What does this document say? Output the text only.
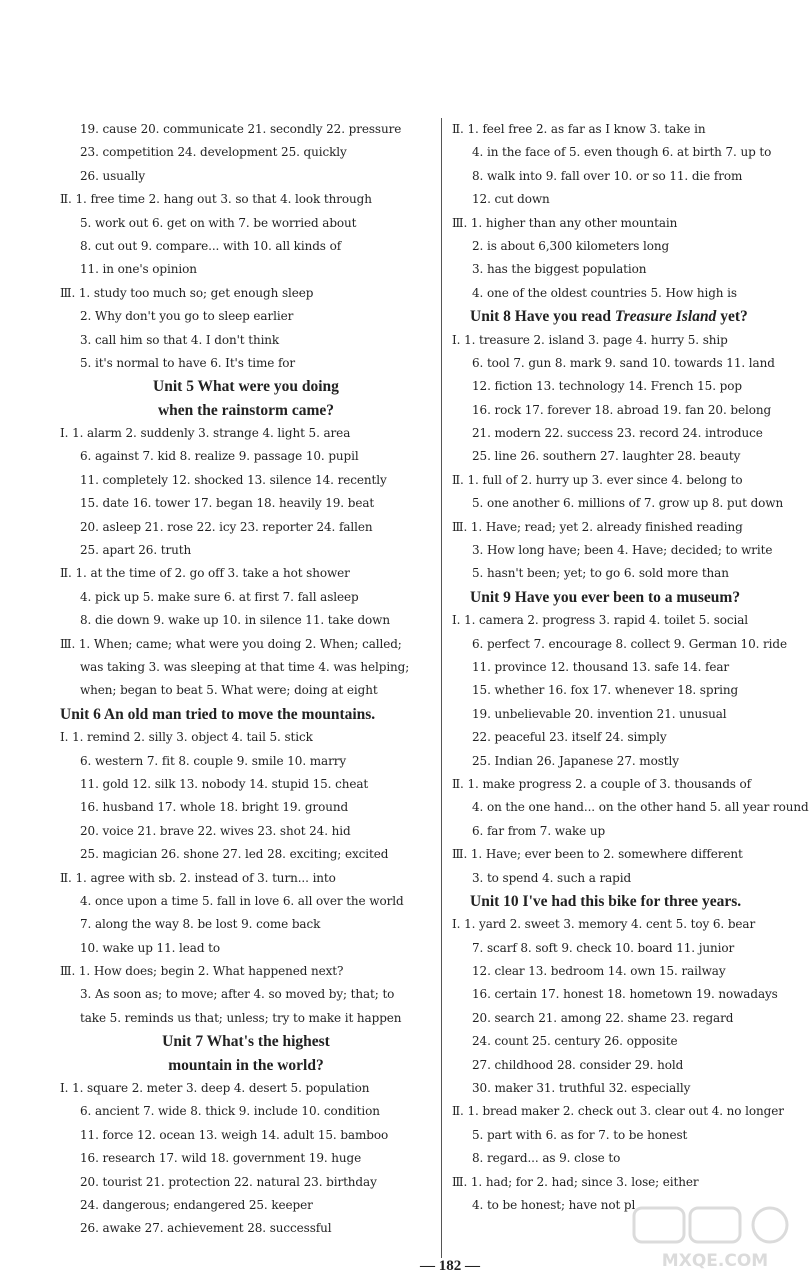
19. cause 20. communicate 21. secondly 22. pressure
23. competition 24. development 25. quickly
26. usually
Ⅱ. 1. free time 2. hang out 3. so that 4. look through
5. work out 6. get on with 7. be worried about
8. cut out 9. compare... with 10. all kinds of
11. in one's opinion
Ⅲ. 1. study too much so; get enough sleep
2. Why don't you go to sleep earlier
3. call him so that 4. I don't think
5. it's normal to have 6. It's time for
Unit 5 What were you doing
when the rainstorm came?
Ⅰ. 1. alarm 2. suddenly 3. strange 4. light 5. area
6. against 7. kid 8. realize 9. passage 10. pupil
11. completely 12. shocked 13. silence 14. recently
15. date 16. tower 17. began 18. heavily 19. beat
20. asleep 21. rose 22. icy 23. reporter 24. fallen
25. apart 26. truth
Ⅱ. 1. at the time of 2. go off 3. take a hot shower
4. pick up 5. make sure 6. at first 7. fall asleep
8. die down 9. wake up 10. in silence 11. take down
Ⅲ. 1. When; came; what were you doing 2. When; called;
was taking 3. was sleeping at that time 4. was helping;
when; began to beat 5. What were; doing at eight
Unit 6 An old man tried to move the mountains.
Ⅰ. 1. remind 2. silly 3. object 4. tail 5. stick
6. western 7. fit 8. couple 9. smile 10. marry
11. gold 12. silk 13. nobody 14. stupid 15. cheat
16. husband 17. whole 18. bright 19. ground
20. voice 21. brave 22. wives 23. shot 24. hid
25. magician 26. shone 27. led 28. exciting; excited
Ⅱ. 1. agree with sb. 2. instead of 3. turn... into
4. once upon a time 5. fall in love 6. all over the world
7. along the way 8. be lost 9. come back
10. wake up 11. lead to
Ⅲ. 1. How does; begin 2. What happened next?
3. As soon as; to move; after 4. so moved by; that; to
take 5. reminds us that; unless; try to make it happen
Unit 7 What's the highest
mountain in the world?
Ⅰ. 1. square 2. meter 3. deep 4. desert 5. population
6. ancient 7. wide 8. thick 9. include 10. condition
11. force 12. ocean 13. weigh 14. adult 15. bamboo
16. research 17. wild 18. government 19. huge
20. tourist 21. protection 22. natural 23. birthday
24. dangerous; endangered 25. keeper
26. awake 27. achievement 28. successful
Ⅱ. 1. feel free 2. as far as I know 3. take in
4. in the face of 5. even though 6. at birth 7. up to
8. walk into 9. fall over 10. or so 11. die from
12. cut down
Ⅲ. 1. higher than any other mountain
2. is about 6,300 kilometers long
3. has the biggest population
4. one of the oldest countries 5. How high is
Unit 8 Have you read Treasure Island yet?
Ⅰ. 1. treasure 2. island 3. page 4. hurry 5. ship
6. tool 7. gun 8. mark 9. sand 10. towards 11. land
12. fiction 13. technology 14. French 15. pop
16. rock 17. forever 18. abroad 19. fan 20. belong
21. modern 22. success 23. record 24. introduce
25. line 26. southern 27. laughter 28. beauty
Ⅱ. 1. full of 2. hurry up 3. ever since 4. belong to
5. one another 6. millions of 7. grow up 8. put down
Ⅲ. 1. Have; read; yet 2. already finished reading
3. How long have; been 4. Have; decided; to write
5. hasn't been; yet; to go 6. sold more than
Unit 9 Have you ever been to a museum?
Ⅰ. 1. camera 2. progress 3. rapid 4. toilet 5. social
6. perfect 7. encourage 8. collect 9. German 10. ride
11. province 12. thousand 13. safe 14. fear
15. whether 16. fox 17. whenever 18. spring
19. unbelievable 20. invention 21. unusual
22. peaceful 23. itself 24. simply
25. Indian 26. Japanese 27. mostly
Ⅱ. 1. make progress 2. a couple of 3. thousands of
4. on the one hand... on the other hand 5. all year round
6. far from 7. wake up
Ⅲ. 1. Have; ever been to 2. somewhere different
3. to spend 4. such a rapid
Unit 10 I've had this bike for three years.
Ⅰ. 1. yard 2. sweet 3. memory 4. cent 5. toy 6. bear
7. scarf 8. soft 9. check 10. board 11. junior
12. clear 13. bedroom 14. own 15. railway
16. certain 17. honest 18. hometown 19. nowadays
20. search 21. among 22. shame 23. regard
24. count 25. century 26. opposite
27. childhood 28. consider 29. hold
30. maker 31. truthful 32. especially
Ⅱ. 1. bread maker 2. check out 3. clear out 4. no longer
5. part with 6. as for 7. to be honest
8. regard... as 9. close to
Ⅲ. 1. had; for 2. had; since 3. lose; either
4. to be honest; have not pl
— 182 —	MXQE.COM
